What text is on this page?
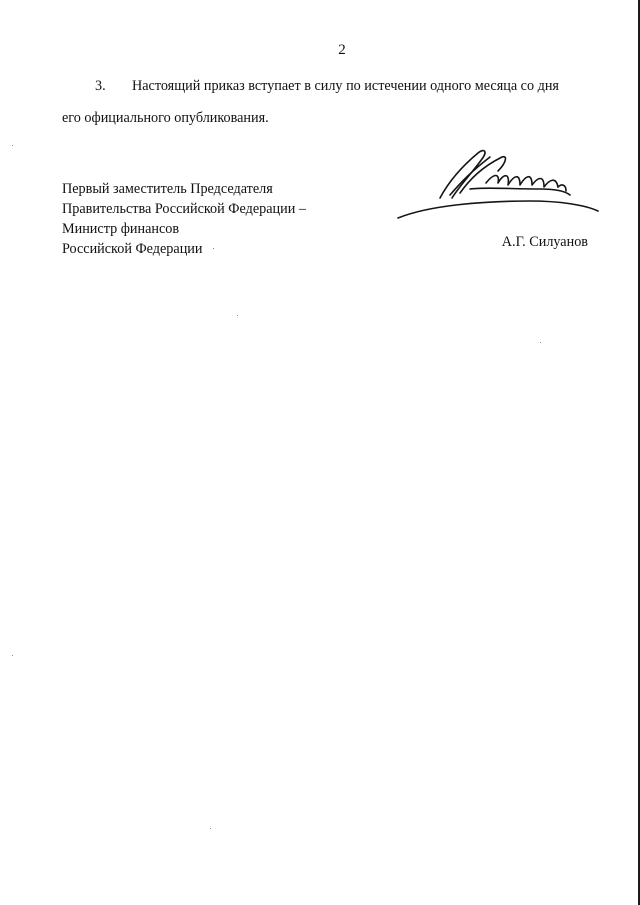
2
3. Настоящий приказ вступает в силу по истечении одного месяца со дня
его официального опубликования.
Первый заместитель Председателя
Правительства Российской Федерации –
Министр финансов
Российской Федерации	А.Г. Силуанов
